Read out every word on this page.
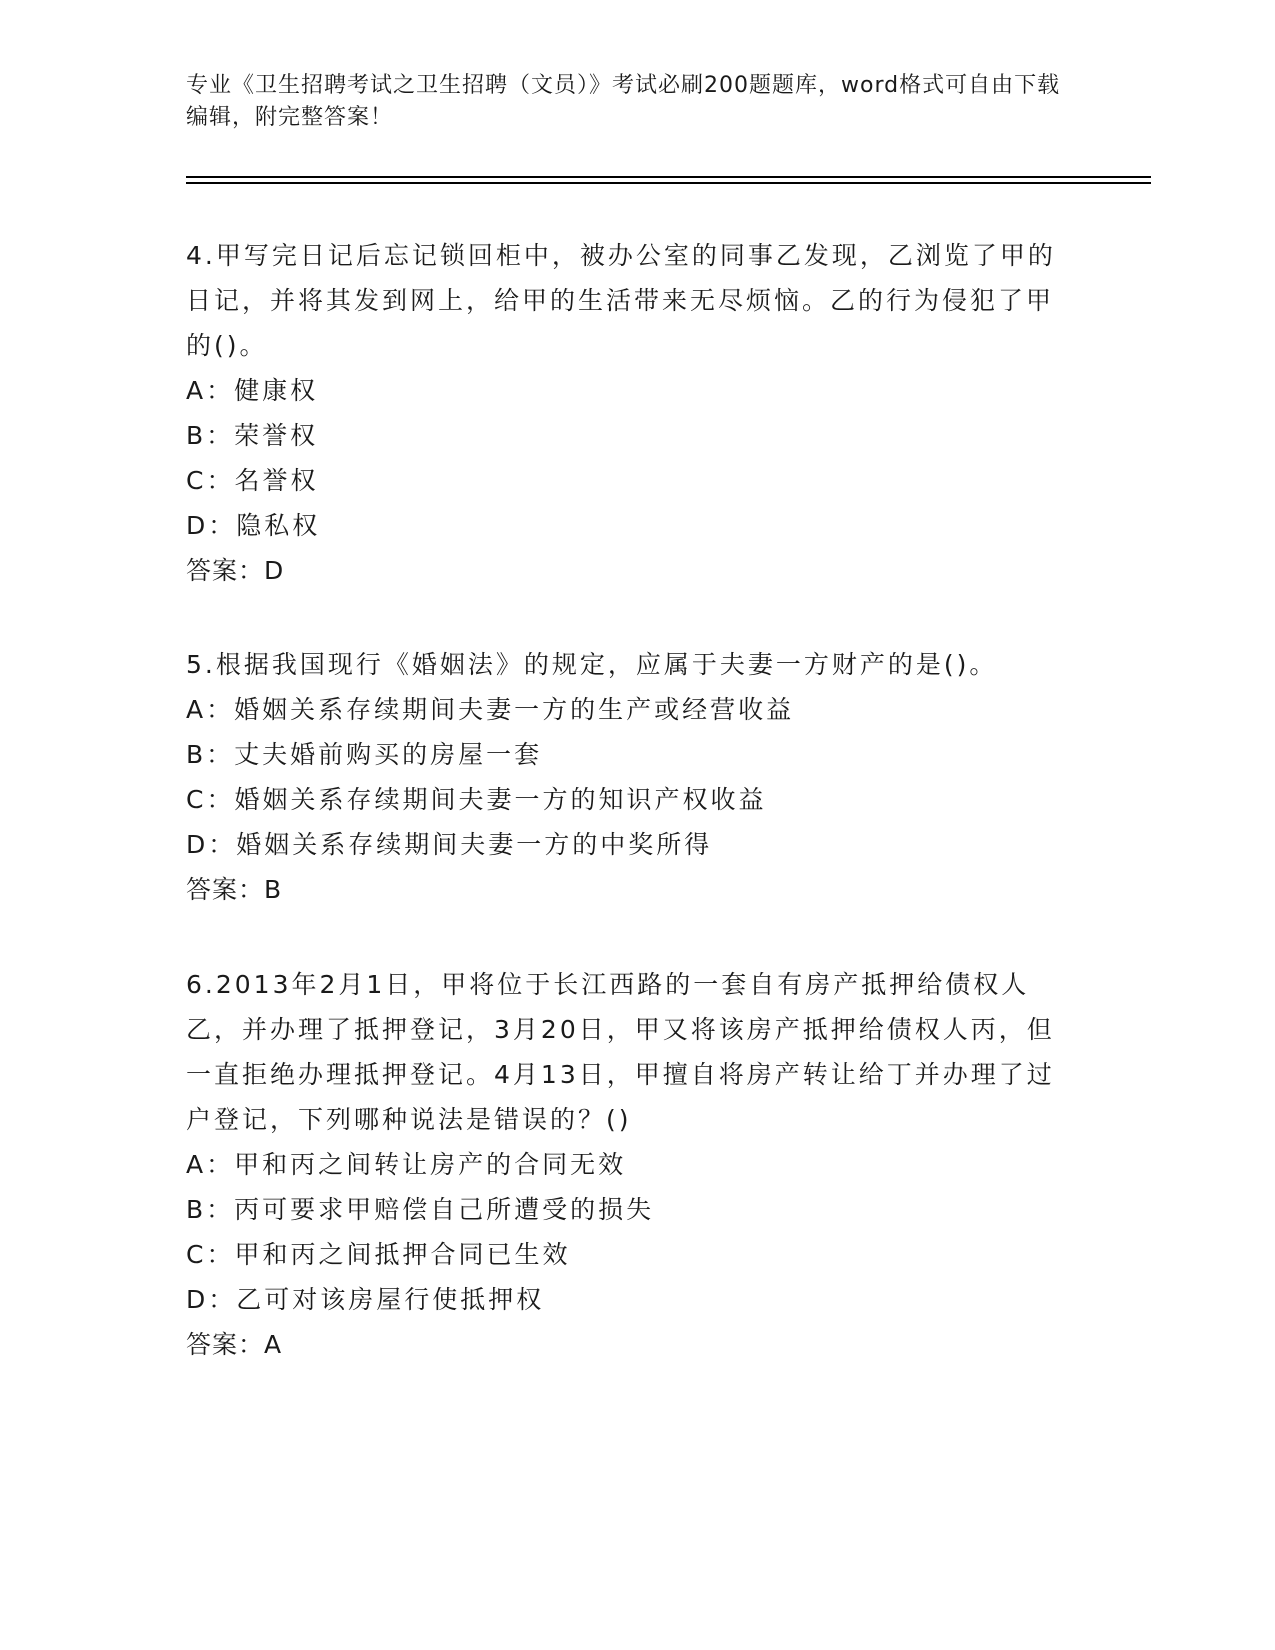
专业《卫生招聘考试之卫生招聘（文员）》考试必刷200题题库，word格式可自由下载编辑，附完整答案！

4.甲写完日记后忘记锁回柜中，被办公室的同事乙发现，乙浏览了甲的日记，并将其发到网上，给甲的生活带来无尽烦恼。乙的行为侵犯了甲的()。

A：健康权

B：荣誉权

C：名誉权

D：隐私权

答案：D

5.根据我国现行《婚姻法》的规定，应属于夫妻一方财产的是()。

A：婚姻关系存续期间夫妻一方的生产或经营收益

B：丈夫婚前购买的房屋一套

C：婚姻关系存续期间夫妻一方的知识产权收益

D：婚姻关系存续期间夫妻一方的中奖所得

答案：B

6.2013年2月1日，甲将位于长江西路的一套自有房产抵押给债权人乙，并办理了抵押登记，3月20日，甲又将该房产抵押给债权人丙，但一直拒绝办理抵押登记。4月13日，甲擅自将房产转让给丁并办理了过户登记，下列哪种说法是错误的？()

A：甲和丙之间转让房产的合同无效

B：丙可要求甲赔偿自己所遭受的损失

C：甲和丙之间抵押合同已生效

D：乙可对该房屋行使抵押权

答案：A
